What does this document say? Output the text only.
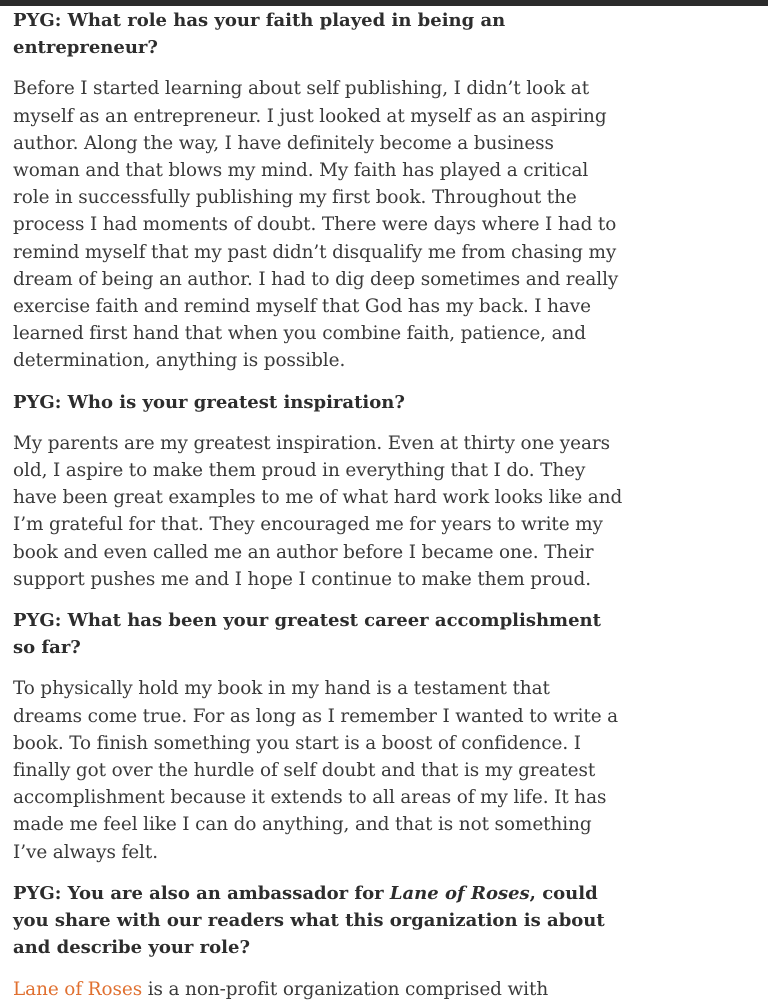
PYG: What role has your faith played in being an entrepreneur?

Before I started learning about self publishing, I didn’t look at myself as an entrepreneur. I just looked at myself as an aspiring author. Along the way, I have definitely become a business woman and that blows my mind. My faith has played a critical role in successfully publishing my first book. Throughout the process I had moments of doubt. There were days where I had to remind myself that my past didn’t disqualify me from chasing my dream of being an author. I had to dig deep sometimes and really exercise faith and remind myself that God has my back. I have learned first hand that when you combine faith, patience, and determination, anything is possible.

PYG: Who is your greatest inspiration?

My parents are my greatest inspiration. Even at thirty one years old, I aspire to make them proud in everything that I do. They have been great examples to me of what hard work looks like and I’m grateful for that. They encouraged me for years to write my book and even called me an author before I became one. Their support pushes me and I hope I continue to make them proud.

PYG: What has been your greatest career accomplishment so far?

To physically hold my book in my hand is a testament that dreams come true. For as long as I remember I wanted to write a book. To finish something you start is a boost of confidence. I finally got over the hurdle of self doubt and that is my greatest accomplishment because it extends to all areas of my life. It has made me feel like I can do anything, and that is not something I’ve always felt.

PYG: You are also an ambassador for Lane of Roses, could you share with our readers what this organization is about and describe your role?

Lane of Roses is a non-profit organization comprised with
